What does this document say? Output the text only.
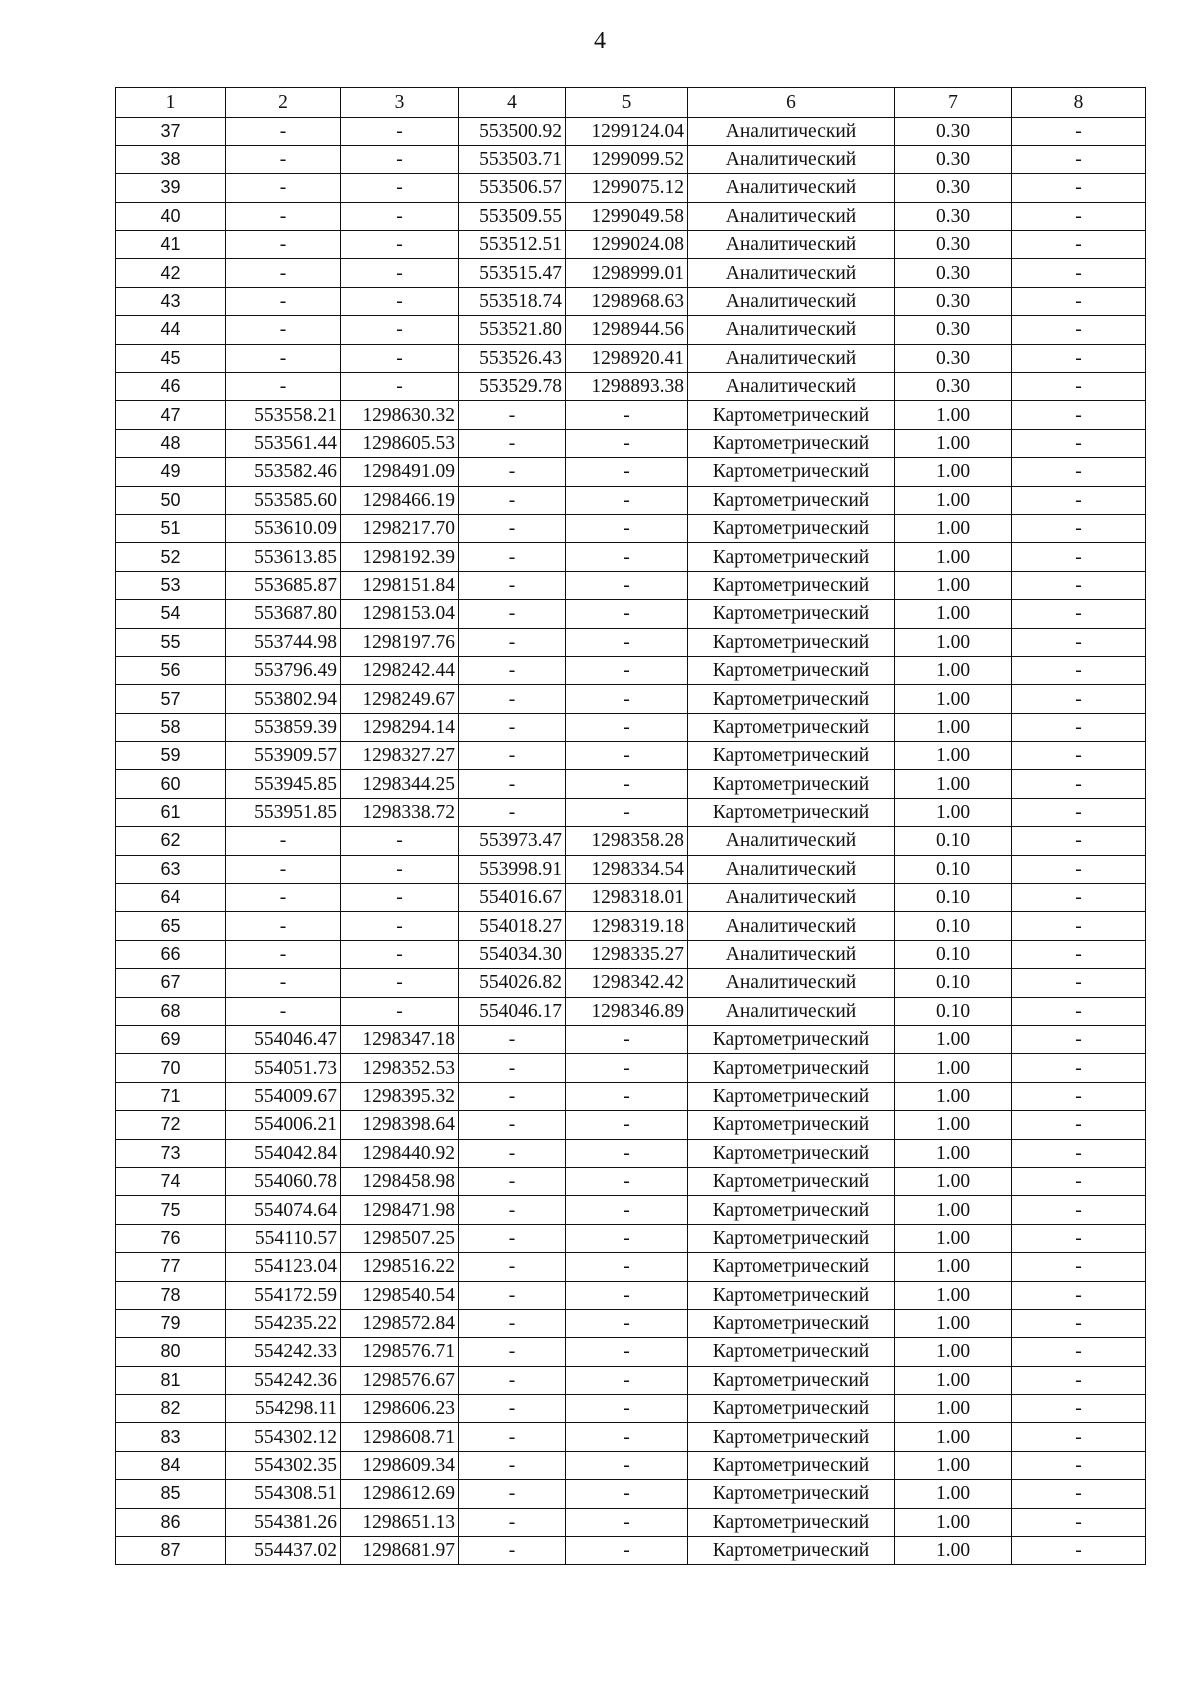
4
1	2	3	4	5	6	7	8
37	-	-	553500.92	1299124.04	Аналитический	0.30	-
38	-	-	553503.71	1299099.52	Аналитический	0.30	-
39	-	-	553506.57	1299075.12	Аналитический	0.30	-
40	-	-	553509.55	1299049.58	Аналитический	0.30	-
41	-	-	553512.51	1299024.08	Аналитический	0.30	-
42	-	-	553515.47	1298999.01	Аналитический	0.30	-
43	-	-	553518.74	1298968.63	Аналитический	0.30	-
44	-	-	553521.80	1298944.56	Аналитический	0.30	-
45	-	-	553526.43	1298920.41	Аналитический	0.30	-
46	-	-	553529.78	1298893.38	Аналитический	0.30	-
47	553558.21	1298630.32	-	-	Картометрический	1.00	-
48	553561.44	1298605.53	-	-	Картометрический	1.00	-
49	553582.46	1298491.09	-	-	Картометрический	1.00	-
50	553585.60	1298466.19	-	-	Картометрический	1.00	-
51	553610.09	1298217.70	-	-	Картометрический	1.00	-
52	553613.85	1298192.39	-	-	Картометрический	1.00	-
53	553685.87	1298151.84	-	-	Картометрический	1.00	-
54	553687.80	1298153.04	-	-	Картометрический	1.00	-
55	553744.98	1298197.76	-	-	Картометрический	1.00	-
56	553796.49	1298242.44	-	-	Картометрический	1.00	-
57	553802.94	1298249.67	-	-	Картометрический	1.00	-
58	553859.39	1298294.14	-	-	Картометрический	1.00	-
59	553909.57	1298327.27	-	-	Картометрический	1.00	-
60	553945.85	1298344.25	-	-	Картометрический	1.00	-
61	553951.85	1298338.72	-	-	Картометрический	1.00	-
62	-	-	553973.47	1298358.28	Аналитический	0.10	-
63	-	-	553998.91	1298334.54	Аналитический	0.10	-
64	-	-	554016.67	1298318.01	Аналитический	0.10	-
65	-	-	554018.27	1298319.18	Аналитический	0.10	-
66	-	-	554034.30	1298335.27	Аналитический	0.10	-
67	-	-	554026.82	1298342.42	Аналитический	0.10	-
68	-	-	554046.17	1298346.89	Аналитический	0.10	-
69	554046.47	1298347.18	-	-	Картометрический	1.00	-
70	554051.73	1298352.53	-	-	Картометрический	1.00	-
71	554009.67	1298395.32	-	-	Картометрический	1.00	-
72	554006.21	1298398.64	-	-	Картометрический	1.00	-
73	554042.84	1298440.92	-	-	Картометрический	1.00	-
74	554060.78	1298458.98	-	-	Картометрический	1.00	-
75	554074.64	1298471.98	-	-	Картометрический	1.00	-
76	554110.57	1298507.25	-	-	Картометрический	1.00	-
77	554123.04	1298516.22	-	-	Картометрический	1.00	-
78	554172.59	1298540.54	-	-	Картометрический	1.00	-
79	554235.22	1298572.84	-	-	Картометрический	1.00	-
80	554242.33	1298576.71	-	-	Картометрический	1.00	-
81	554242.36	1298576.67	-	-	Картометрический	1.00	-
82	554298.11	1298606.23	-	-	Картометрический	1.00	-
83	554302.12	1298608.71	-	-	Картометрический	1.00	-
84	554302.35	1298609.34	-	-	Картометрический	1.00	-
85	554308.51	1298612.69	-	-	Картометрический	1.00	-
86	554381.26	1298651.13	-	-	Картометрический	1.00	-
87	554437.02	1298681.97	-	-	Картометрический	1.00	-
